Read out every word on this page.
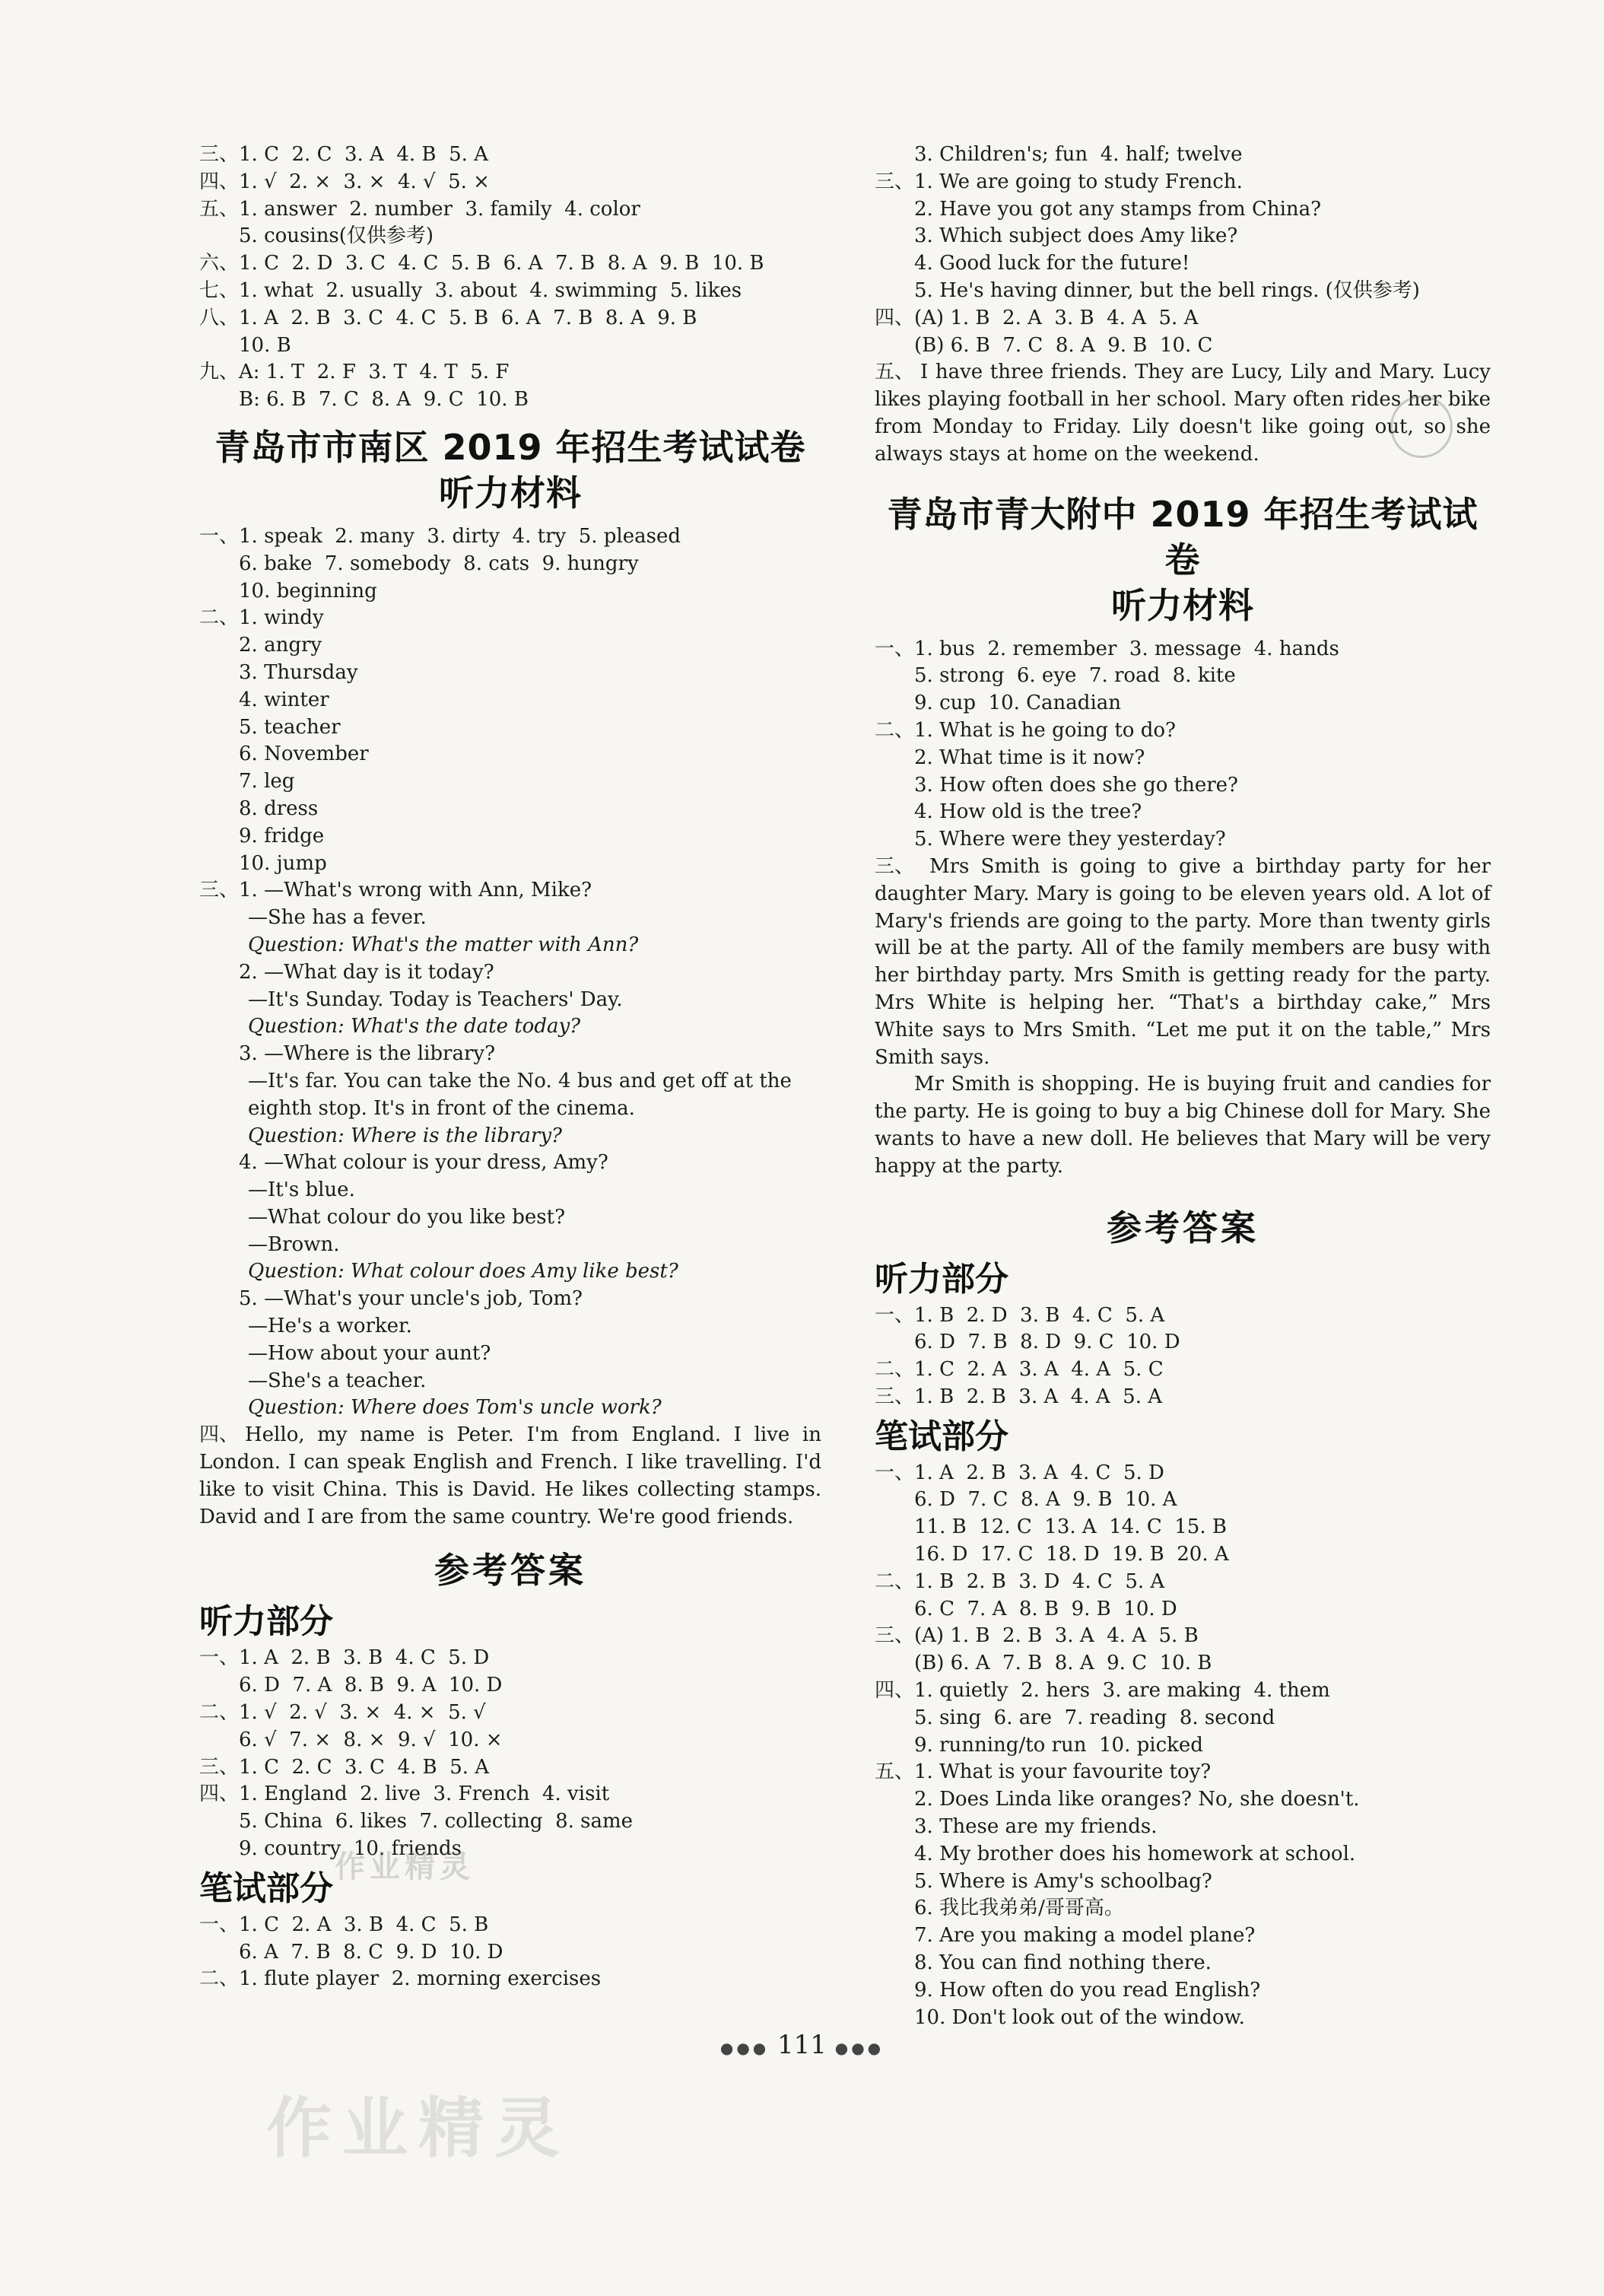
三、1. C  2. C  3. A  4. B  5. A
四、1. √  2. ×  3. ×  4. √  5. ×
五、1. answer  2. number  3. family  4. color
5. cousins(仅供参考)
六、1. C  2. D  3. C  4. C  5. B  6. A  7. B  8. A  9. B  10. B
七、1. what  2. usually  3. about  4. swimming  5. likes
八、1. A  2. B  3. C  4. C  5. B  6. A  7. B  8. A  9. B
10. B
九、A: 1. T  2. F  3. T  4. T  5. F
B: 6. B  7. C  8. A  9. C  10. B
青岛市市南区 2019 年招生考试试卷
听力材料
一、1. speak  2. many  3. dirty  4. try  5. pleased
6. bake  7. somebody  8. cats  9. hungry
10. beginning
二、1. windy
2. angry
3. Thursday
4. winter
5. teacher
6. November
7. leg
8. dress
9. fridge
10. jump
三、1. —What's wrong with Ann, Mike?
—She has a fever.
Question: What's the matter with Ann?
2. —What day is it today?
—It's Sunday. Today is Teachers' Day.
Question: What's the date today?
3. —Where is the library?
—It's far. You can take the No. 4 bus and get off at the
eighth stop. It's in front of the cinema.
Question: Where is the library?
4. —What colour is your dress, Amy?
—It's blue.
—What colour do you like best?
—Brown.
Question: What colour does Amy like best?
5. —What's your uncle's job, Tom?
—He's a worker.
—How about your aunt?
—She's a teacher.
Question: Where does Tom's uncle work?
四、 Hello, my name is Peter. I'm from England. I live in London. I can speak English and French. I like travelling. I'd like to visit China. This is David. He likes collecting stamps. David and I are from the same country. We're good friends.
参考答案
听力部分
一、1. A  2. B  3. B  4. C  5. D
6. D  7. A  8. B  9. A  10. D
二、1. √  2. √  3. ×  4. ×  5. √
6. √  7. ×  8. ×  9. √  10. ×
三、1. C  2. C  3. C  4. B  5. A
四、1. England  2. live  3. French  4. visit
5. China  6. likes  7. collecting  8. same
9. country  10. friends
笔试部分
一、1. C  2. A  3. B  4. C  5. B
6. A  7. B  8. C  9. D  10. D
二、1. flute player  2. morning exercises
3. Children's; fun  4. half; twelve
三、1. We are going to study French.
2. Have you got any stamps from China?
3. Which subject does Amy like?
4. Good luck for the future!
5. He's having dinner, but the bell rings. (仅供参考)
四、(A) 1. B  2. A  3. B  4. A  5. A
(B) 6. B  7. C  8. A  9. B  10. C
五、 I have three friends. They are Lucy, Lily and Mary. Lucy likes playing football in her school. Mary often rides her bike from Monday to Friday. Lily doesn't like going out, so she always stays at home on the weekend.
青岛市青大附中 2019 年招生考试试卷
听力材料
一、1. bus  2. remember  3. message  4. hands
5. strong  6. eye  7. road  8. kite
9. cup  10. Canadian
二、1. What is he going to do?
2. What time is it now?
3. How often does she go there?
4. How old is the tree?
5. Where were they yesterday?
三、 Mrs Smith is going to give a birthday party for her daughter Mary. Mary is going to be eleven years old. A lot of Mary's friends are going to the party. More than twenty girls will be at the party. All of the family members are busy with her birthday party. Mrs Smith is getting ready for the party. Mrs White is helping her. “That's a birthday cake,” Mrs White says to Mrs Smith. “Let me put it on the table,” Mrs Smith says.
Mr Smith is shopping. He is buying fruit and candies for the party. He is going to buy a big Chinese doll for Mary. She wants to have a new doll. He believes that Mary will be very happy at the party.
参考答案
听力部分
一、1. B  2. D  3. B  4. C  5. A
6. D  7. B  8. D  9. C  10. D
二、1. C  2. A  3. A  4. A  5. C
三、1. B  2. B  3. A  4. A  5. A
笔试部分
一、1. A  2. B  3. A  4. C  5. D
6. D  7. C  8. A  9. B  10. A
11. B  12. C  13. A  14. C  15. B
16. D  17. C  18. D  19. B  20. A
二、1. B  2. B  3. D  4. C  5. A
6. C  7. A  8. B  9. B  10. D
三、(A) 1. B  2. B  3. A  4. A  5. B
(B) 6. A  7. B  8. A  9. C  10. B
四、1. quietly  2. hers  3. are making  4. them
5. sing  6. are  7. reading  8. second
9. running/to run  10. picked
五、1. What is your favourite toy?
2. Does Linda like oranges? No, she doesn't.
3. These are my friends.
4. My brother does his homework at school.
5. Where is Amy's schoolbag?
6. 我比我弟弟/哥哥高。
7. Are you making a model plane?
8. You can find nothing there.
9. How often do you read English?
10. Don't look out of the window.
作业精灵
作业精灵
●●● 111 ●●●
